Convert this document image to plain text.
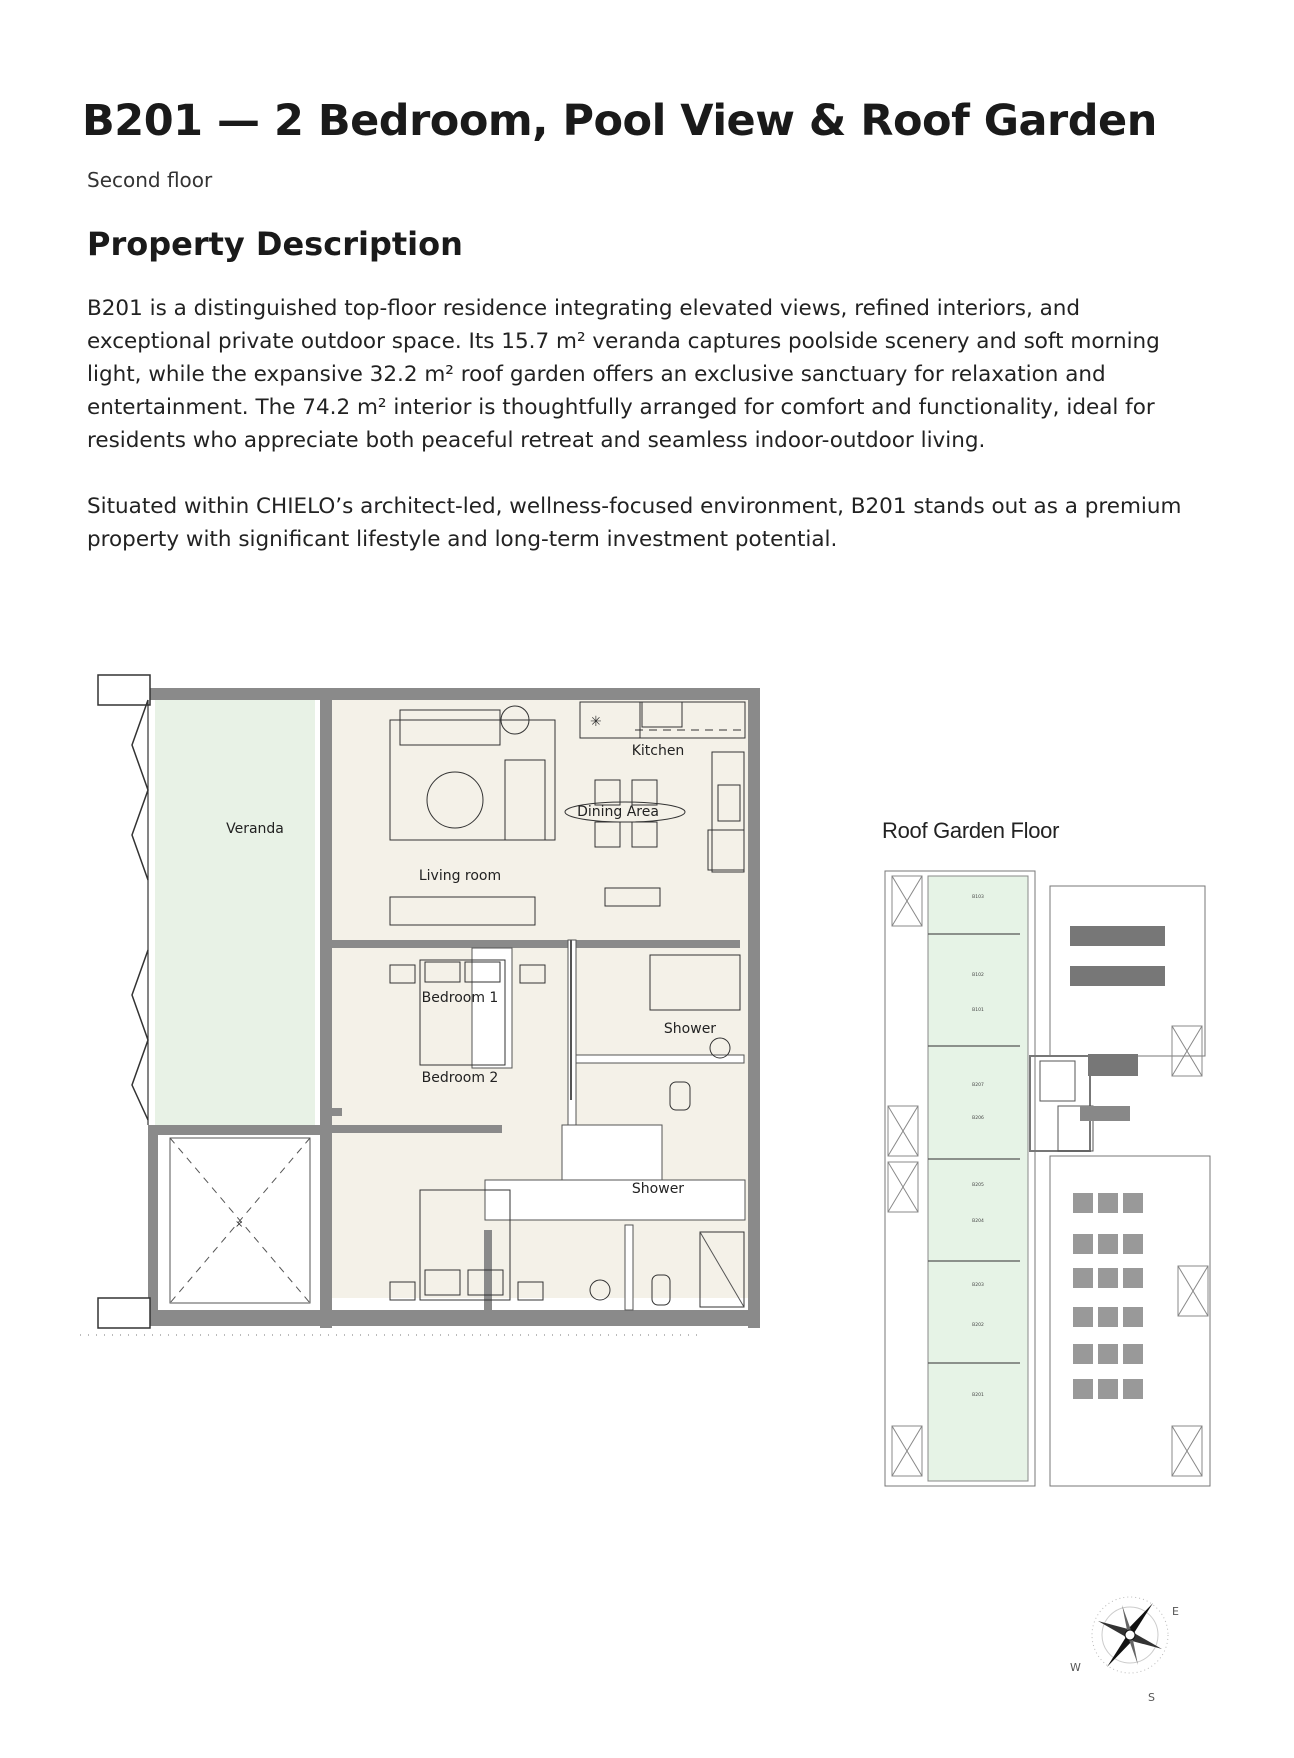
B201 — 2 Bedroom, Pool View & Roof Garden
Second floor
Property Description

B201 is a distinguished top-floor residence integrating elevated views, refined interiors, and exceptional private outdoor space. Its 15.7 m² veranda captures poolside scenery and soft morning light, while the expansive 32.2 m² roof garden offers an exclusive sanctuary for relaxation and entertainment. The 74.2 m² interior is thoughtfully arranged for comfort and functionality, ideal for residents who appreciate both peaceful retreat and seamless indoor-outdoor living.

Situated within CHIELO’s architect-led, wellness-focused environment, B201 stands out as a premium property with significant lifestyle and long-term investment potential.

×
✳
Veranda
Kitchen
Dining Area
Living room
Bedroom 1
Bedroom 2
Shower
Shower
Roof Garden Floor
B103
B102
B101
B207
B206
B205
B204
B203
B202
B201
E
W
S
